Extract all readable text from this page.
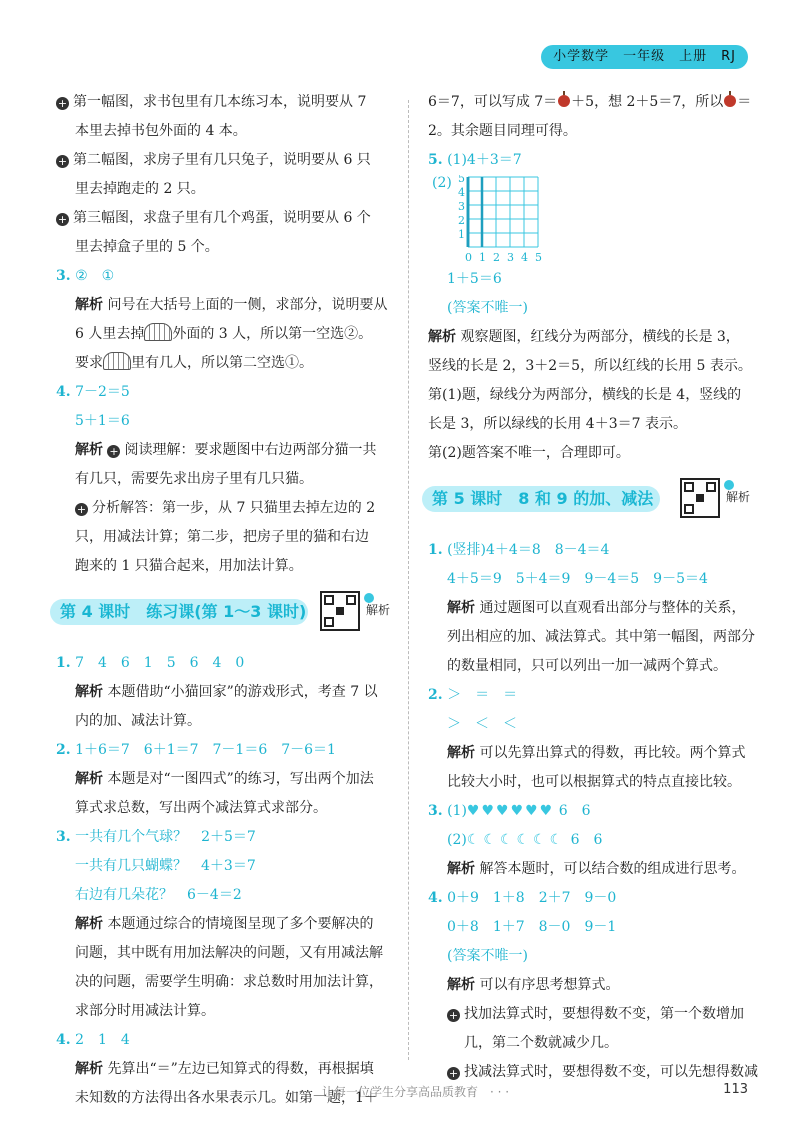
小学数学　一年级　上册　RJ
+ 第一幅图，求书包里有几本练习本，说明要从 7
本里去掉书包外面的 4 本。
+ 第二幅图，求房子里有几只兔子，说明要从 6 只
里去掉跑走的 2 只。
+ 第三幅图，求盘子里有几个鸡蛋，说明要从 6 个
里去掉盒子里的 5 个。
3. ②　①
解析 问号在大括号上面的一侧，求部分，说明要从
6 人里去掉 外面的 3 人，所以第一空选②。
要求 里有几人，所以第二空选①。
4. 7－2＝5
5＋1＝6
解析 + 阅读理解：要求题图中右边两部分猫一共
有几只，需要先求出房子里有几只猫。
+ 分析解答：第一步，从 7 只猫里去掉左边的 2
只，用减法计算；第二步，把房子里的猫和右边
跑来的 1 只猫合起来，用加法计算。
第 4 课时　练习课(第 1～3 课时)	解析
1. 7　4　6　1　5　6　4　0
解析 本题借助“小猫回家”的游戏形式，考查 7 以
内的加、减法计算。
2. 1＋6＝7　6＋1＝7　7－1＝6　7－6＝1
解析 本题是对“一图四式”的练习，写出两个加法
算式求总数，写出两个减法算式求部分。
3. 一共有几个气球？　2＋5＝7
一共有几只蝴蝶？　4＋3＝7
右边有几朵花？　6－4＝2
解析 本题通过综合的情境图呈现了多个要解决的
问题，其中既有用加法解决的问题，又有用减法解
决的问题，需要学生明确：求总数时用加法计算，
求部分时用减法计算。
4. 2　1　4
解析 先算出“＝”左边已知算式的得数，再根据填
未知数的方法得出各水果表示几。如第一题，1＋
6＝7，可以写成 7＝ ＋5，想 2＋5＝7，所以 ＝
2。其余题目同理可得。
5. (1)4＋3＝7
(2) 5
4
3
2
1
0 1 2 3 4 5
1＋5＝6
(答案不唯一)
解析 观察题图，红线分为两部分，横线的长是 3，
竖线的长是 2，3＋2＝5，所以红线的长用 5 表示。
第(1)题，绿线分为两部分，横线的长是 4，竖线的
长是 3，所以绿线的长用 4＋3＝7 表示。
第(2)题答案不唯一，合理即可。
第 5 课时　8 和 9 的加、减法	解析
1. (竖排)4＋4＝8　8－4＝4
4＋5＝9　5＋4＝9　9－4＝5　9－5＝4
解析 通过题图可以直观看出部分与整体的关系，
列出相应的加、减法算式。其中第一幅图，两部分
的数量相同，只可以列出一加一减两个算式。
2. ＞　＝　＝
＞　＜　＜
解析 可以先算出算式的得数，再比较。两个算式
比较大小时，也可以根据算式的特点直接比较。
3. (1)♥♥♥♥♥♥ 6　6
(2)☾☾☾☾☾☾ 6　6
解析 解答本题时，可以结合数的组成进行思考。
4. 0＋9　1＋8　2＋7　9－0
0＋8　1＋7　8－0　9－1
(答案不唯一)
解析 可以有序思考想算式。
+ 找加法算式时，要想得数不变，第一个数增加
几，第二个数就减少几。
+ 找减法算式时，要想得数不变，可以先想得数减
· · ·　让每一位学生分享高品质教育　· · ·	113
